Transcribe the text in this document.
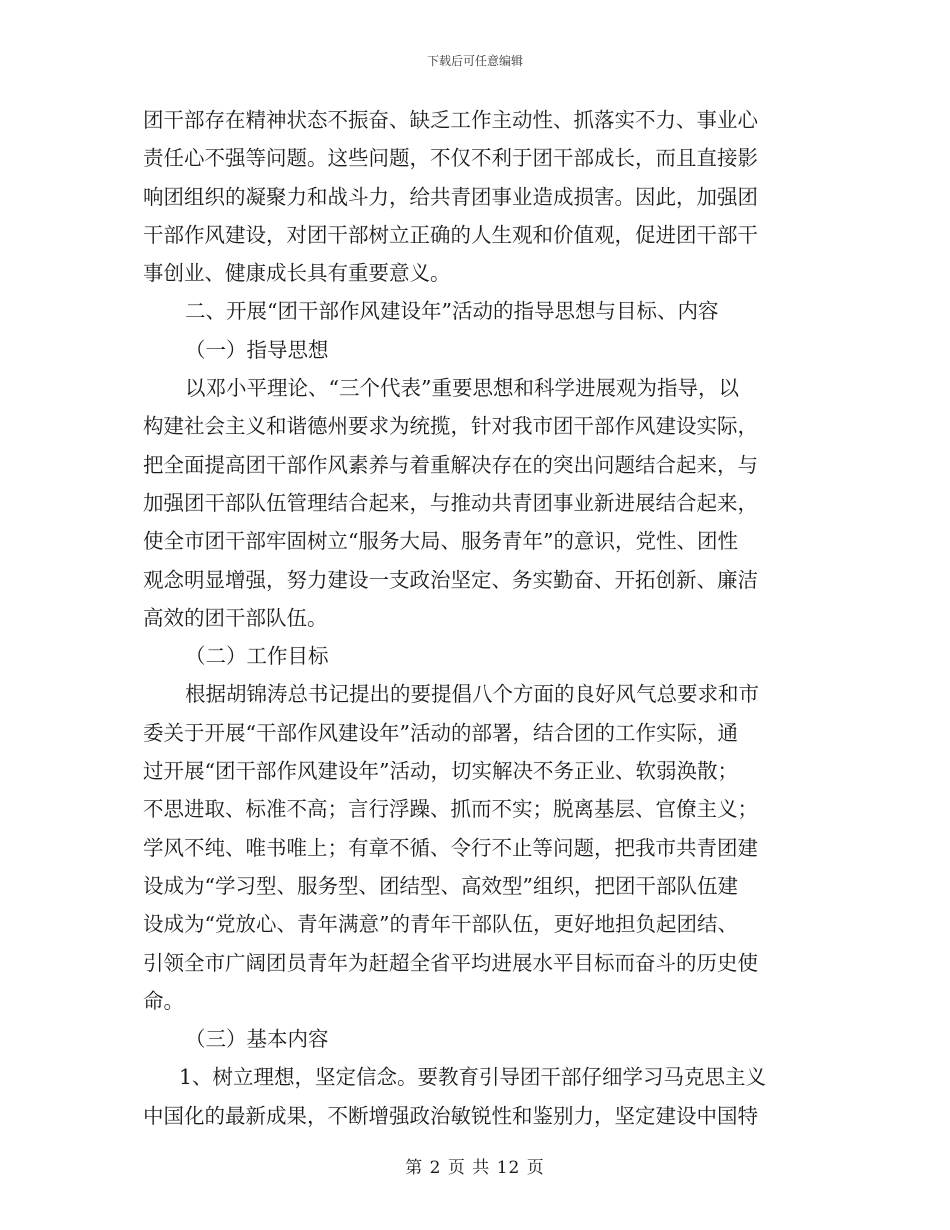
下载后可任意编辑
团干部存在精神状态不振奋、缺乏工作主动性、抓落实不力、事业心
责任心不强等问题。这些问题，不仅不利于团干部成长，而且直接影
响团组织的凝聚力和战斗力，给共青团事业造成损害。因此，加强团
干部作风建设，对团干部树立正确的人生观和价值观，促进团干部干
事创业、健康成长具有重要意义。
二、开展“团干部作风建设年”活动的指导思想与目标、内容
（一）指导思想
以邓小平理论、“三个代表”重要思想和科学进展观为指导，以
构建社会主义和谐德州要求为统揽，针对我市团干部作风建设实际，
把全面提高团干部作风素养与着重解决存在的突出问题结合起来，与
加强团干部队伍管理结合起来，与推动共青团事业新进展结合起来，
使全市团干部牢固树立“服务大局、服务青年”的意识，党性、团性
观念明显增强，努力建设一支政治坚定、务实勤奋、开拓创新、廉洁
高效的团干部队伍。
（二）工作目标
根据胡锦涛总书记提出的要提倡八个方面的良好风气总要求和市
委关于开展“干部作风建设年”活动的部署，结合团的工作实际，通
过开展“团干部作风建设年”活动，切实解决不务正业、软弱涣散；
不思进取、标准不高；言行浮躁、抓而不实；脱离基层、官僚主义；
学风不纯、唯书唯上；有章不循、令行不止等问题，把我市共青团建
设成为“学习型、服务型、团结型、高效型”组织，把团干部队伍建
设成为“党放心、青年满意”的青年干部队伍，更好地担负起团结、
引领全市广阔团员青年为赶超全省平均进展水平目标而奋斗的历史使
命。
（三）基本内容
1、树立理想，坚定信念。要教育引导团干部仔细学习马克思主义
中国化的最新成果，不断增强政治敏锐性和鉴别力，坚定建设中国特
第 2 页 共 12 页
